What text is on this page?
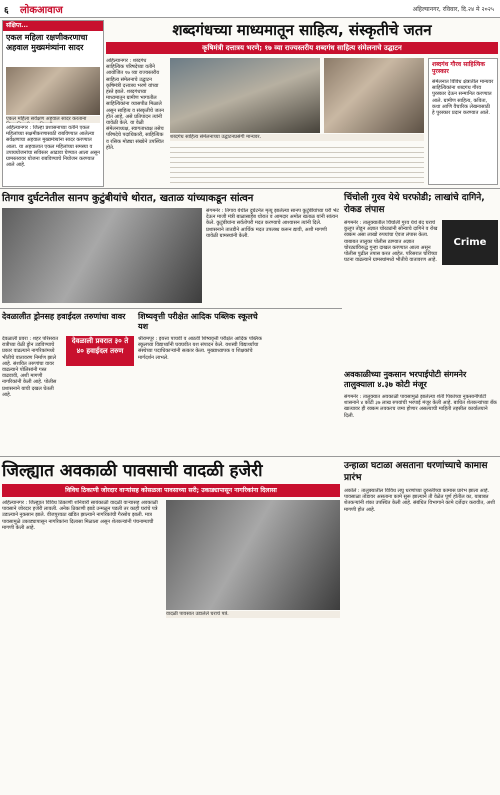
६ लोकआवाज	अहिल्यानगर, रविवार, दि.२४ मे २०२५
संक्षिप्त...
एकल महिला रक्षणीकरणाचा अहवाल मुख्यमंत्र्यांना सादर
एकल महिला सर्वेक्षण अहवाल सादर करताना
अहिल्यानगर : जिल्हा प्रशासनाच्या वतीने एकल महिलांच्या सक्षमीकरणासाठी राबविण्यात आलेल्या सर्वेक्षणाचा अहवाल मुख्यमंत्र्यांना सादर करण्यात आला. या अहवालात एकल महिलांच्या समस्या व उपाययोजनांचा सविस्तर आढावा घेण्यात आला असून ग्रामस्तरावर योजना राबविण्याचे नियोजन करण्यात आले आहे.
शब्दगंधच्या माध्यमातून साहित्य, संस्कृतीचे जतन
कृषिमंत्री दत्तात्रय भरणे; १७ व्या राज्यस्तरीय शब्दगंध साहित्य संमेलनाचे उद्घाटन
अहिल्यानगर : शब्दगंध साहित्यिक परिषदेच्या वतीने आयोजित १७ व्या राज्यस्तरीय साहित्य संमेलनाचे उद्घाटन कृषिमंत्री दत्तात्रय भरणे यांच्या हस्ते झाले. शब्दगंधच्या माध्यमातून ग्रामीण भागातील साहित्यिकांना व्यासपीठ मिळाले असून साहित्य व संस्कृतीचे जतन होत आहे, असे प्रतिपादन त्यांनी यावेळी केले. या वेळी संमेलनाध्यक्ष, स्वागताध्यक्ष तसेच परिषदेचे पदाधिकारी, साहित्यिक व रसिक मोठ्या संख्येने उपस्थित होते.
शब्दगंध साहित्य संमेलनाच्या उद्घाटनप्रसंगी मान्यवर.
शब्दगंध गौरव साहित्यिक पुरस्कार
संमेलनात विविध क्षेत्रातील मान्यवर साहित्यिकांना शब्दगंध गौरव पुरस्कार देऊन सन्मानित करण्यात आले. ग्रामीण साहित्य, कविता, कथा आणि वैचारिक लेखनासाठी हे पुरस्कार प्रदान करण्यात आले.
तिगाव दुर्घटनेतील सानप कुटुंबीयांचे थोरात, खताळ यांच्याकडून सांत्वन
संगमनेर : तिगाव येथील दुर्घटनेत मृत्यू झालेल्या सानप कुटुंबीयांच्या घरी भेट देऊन माजी मंत्री बाळासाहेब थोरात व आमदार अमोल खताळ यांनी सांत्वन केले. कुटुंबीयांना सर्वतोपरी मदत करण्याचे आश्वासन त्यांनी दिले. प्रशासनाने तातडीने आर्थिक मदत उपलब्ध करून द्यावी, अशी मागणी यावेळी ग्रामस्थांनी केली.
चिंचोली गुरव येथे घरफोडी; लाखांचे दागिने, रोकड लंपास
संगमनेर : तालुक्यातील चिंचोली गुरव येथे बंद घराचे कुलूप तोडून अज्ञात चोरट्यांनी सोन्याचे दागिने व रोख रक्कम असा लाखो रुपयांचा ऐवज लंपास केला. याबाबत तालुका पोलीस ठाण्यात अज्ञात चोरट्यांविरुद्ध गुन्हा दाखल करण्यात आला असून पोलीस पुढील तपास करत आहेत. परिसरात चोरीच्या घटना वाढल्याने ग्रामस्थांमध्ये भीतीचे वातावरण आहे.
Crime
देवळालीत ड्रोनसह हवाईदल तरुणांचा वावर
देवळाली प्रवरा : शहर परिसरात रात्रीच्या वेळी ड्रोन उडविण्याचे प्रकार वाढल्याने नागरिकांमध्ये भीतीचे वातावरण निर्माण झाले आहे. संशयित तरुणांचा वावर वाढल्याने पोलिसांनी गस्त वाढवावी, अशी मागणी नागरिकांनी केली आहे. पोलीस प्रशासनाने याची दखल घेतली आहे.
देवळाली प्रवरात ३० ते ४० हवाईदल तरुण
शिष्यवृत्ती परीक्षेत आदिक पब्लिक स्कूलचे यश
श्रीरामपूर : इयत्ता पाचवी व आठवी शिष्यवृत्ती परीक्षेत आदिक पब्लिक स्कूलच्या विद्यार्थ्यांनी घवघवीत यश संपादन केले. यशस्वी विद्यार्थ्यांचा संस्थेच्या पदाधिकाऱ्यांनी सत्कार केला. मुख्याध्यापक व शिक्षकांचे मार्गदर्शन लाभले.
अवकाळीच्या नुकसान भरपाईपोटी संगमनेर तालुक्याला ४.३७ कोटी मंजूर
संगमनेर : तालुक्यात अवकाळी पावसामुळे झालेल्या शेती पिकांच्या नुकसानीपोटी शासनाने ४ कोटी ३७ लाख रुपयांची भरपाई मंजूर केली आहे. बाधित शेतकऱ्यांच्या बँक खात्यावर ही रक्कम लवकरच जमा होणार असल्याची माहिती तहसील कार्यालयाने दिली.
जिल्ह्यात अवकाळी पावसाची वादळी हजेरी
विविध ठिकाणी जोरदार वाऱ्यांसह कोसळला पावसाच्या सरी; उकाड्यापासून नागरिकांना दिलासा
अहिल्यानगर : जिल्ह्यात विविध ठिकाणी शनिवारी सायंकाळी वादळी वाऱ्यासह अवकाळी पावसाने जोरदार हजेरी लावली. अनेक ठिकाणी झाडे उन्मळून पडली तर काही घरांचे पत्रे उडाल्याने नुकसान झाले. वीजपुरवठा खंडित झाल्याने नागरिकांची गैरसोय झाली. मात्र पावसामुळे उकाड्यापासून नागरिकांना दिलासा मिळाला असून शेतकऱ्यांनी पंचनाम्याची मागणी केली आहे.
वादळी पावसात उडालेले घराचे पत्रे.
उन्हाळा घटाळा असताना धरणांच्याचे कामास प्रारंभ
अकोले : तालुक्यातील विविध लघु धरणांच्या दुरुस्तीच्या कामास प्रारंभ झाला आहे. पावसाळा तोंडावर असताना कामे सुरू झाल्याने ती वेळेत पूर्ण होतील का, याबाबत शेतकऱ्यांनी शंका उपस्थित केली आहे. संबंधित विभागाने कामे दर्जेदार करावीत, अशी मागणी होत आहे.
